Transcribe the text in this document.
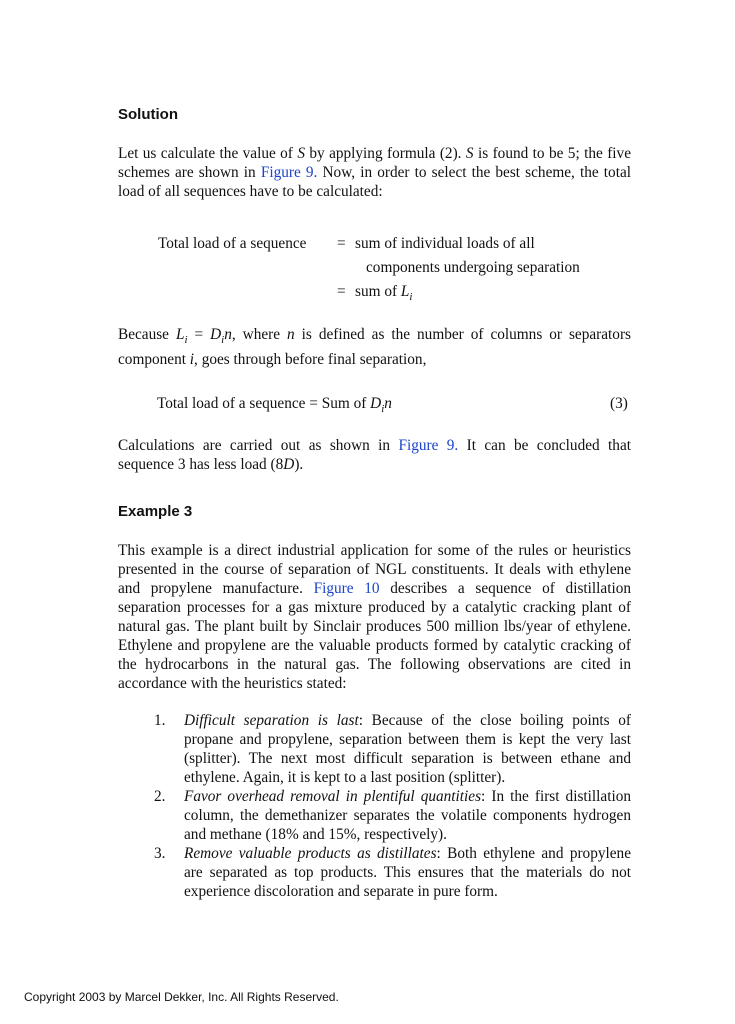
Solution
Let us calculate the value of S by applying formula (2). S is found to be 5; the five schemes are shown in Figure 9. Now, in order to select the best scheme, the total load of all sequences have to be calculated:
Total load of a sequence = sum of individual loads of all
components undergoing separation
= sum of $L_i$
Because $L_i = D_in$, where n is defined as the number of columns or separators component i, goes through before final separation,
Total load of a sequence = Sum of $D_in$	(3)
Calculations are carried out as shown in Figure 9. It can be concluded that sequence 3 has less load (8D).
Example 3
This example is a direct industrial application for some of the rules or heuristics presented in the course of separation of NGL constituents. It deals with ethylene and propylene manufacture. Figure 10 describes a sequence of distillation separation processes for a gas mixture produced by a catalytic cracking plant of natural gas. The plant built by Sinclair produces 500 million lbs/year of ethylene. Ethylene and propylene are the valuable products formed by catalytic cracking of the hydrocarbons in the natural gas. The following observations are cited in accordance with the heuristics stated:
1. Difficult separation is last: Because of the close boiling points of propane and propylene, separation between them is kept the very last (splitter). The next most difficult separation is between ethane and ethylene. Again, it is kept to a last position (splitter).
2. Favor overhead removal in plentiful quantities: In the first distillation column, the demethanizer separates the volatile components hydrogen and methane (18% and 15%, respectively).
3. Remove valuable products as distillates: Both ethylene and propylene are separated as top products. This ensures that the materials do not experience discoloration and separate in pure form.
Copyright 2003 by Marcel Dekker, Inc. All Rights Reserved.
